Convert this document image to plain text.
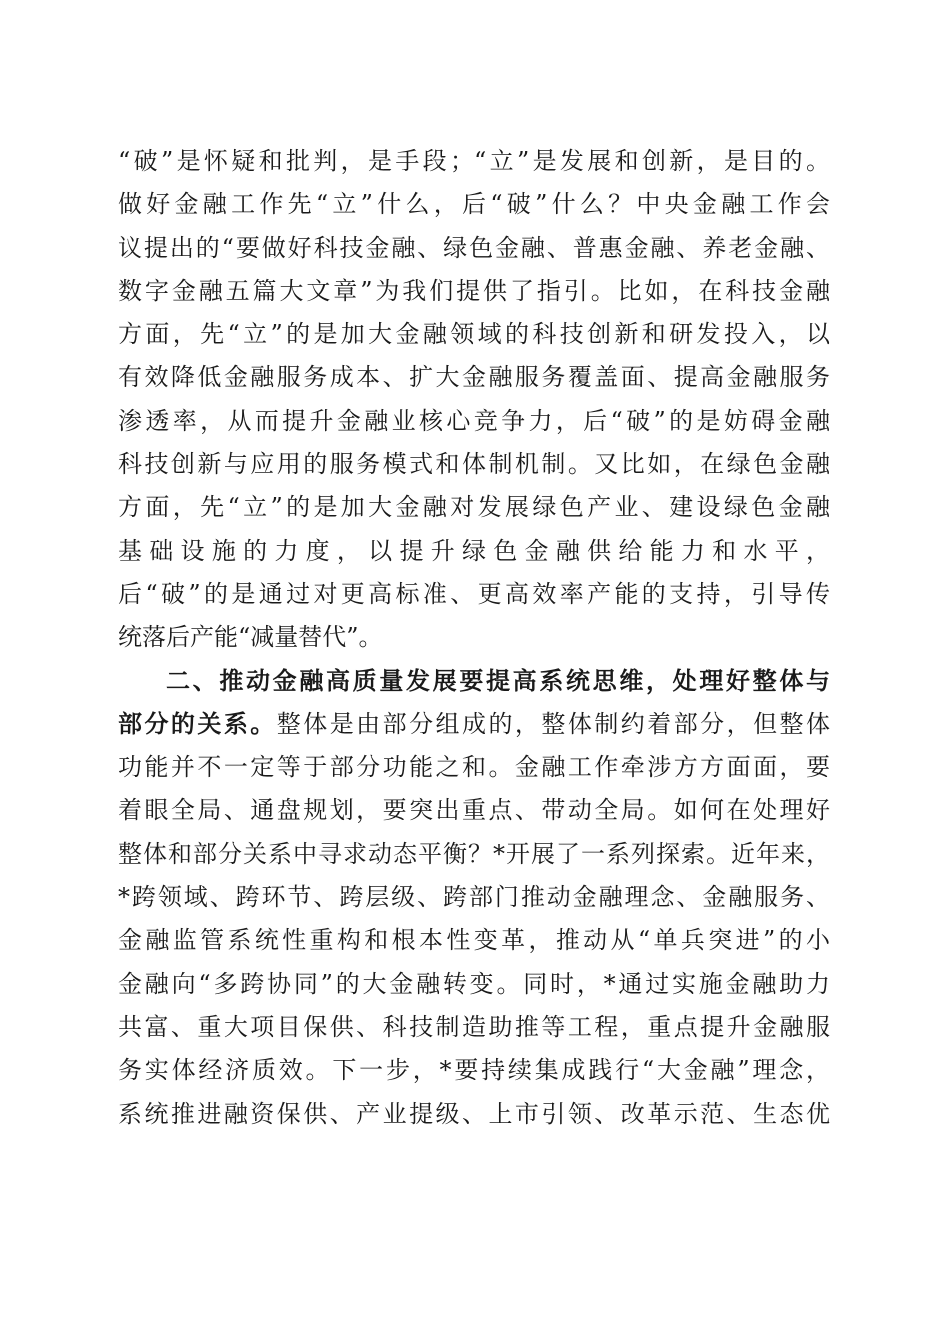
“破”是怀疑和批判，是手段；“立”是发展和创新，是目的。
做好金融工作先“立”什么，后“破”什么？中央金融工作会
议提出的“要做好科技金融、绿色金融、普惠金融、养老金融、
数字金融五篇大文章”为我们提供了指引。比如，在科技金融
方面，先“立”的是加大金融领域的科技创新和研发投入，以
有效降低金融服务成本、扩大金融服务覆盖面、提高金融服务
渗透率，从而提升金融业核心竞争力，后“破”的是妨碍金融
科技创新与应用的服务模式和体制机制。又比如，在绿色金融
方面，先“立”的是加大金融对发展绿色产业、建设绿色金融
基础设施的力度，以提升绿色金融供给能力和水平，
后“破”的是通过对更高标准、更高效率产能的支持，引导传
统落后产能“减量替代”。
二、推动金融高质量发展要提高系统思维，处理好整体与
部分的关系。整体是由部分组成的，整体制约着部分，但整体
功能并不一定等于部分功能之和。金融工作牵涉方方面面，要
着眼全局、通盘规划，要突出重点、带动全局。如何在处理好
整体和部分关系中寻求动态平衡？*开展了一系列探索。近年来，
*跨领域、跨环节、跨层级、跨部门推动金融理念、金融服务、
金融监管系统性重构和根本性变革，推动从“单兵突进”的小
金融向“多跨协同”的大金融转变。同时，*通过实施金融助力
共富、重大项目保供、科技制造助推等工程，重点提升金融服
务实体经济质效。下一步，*要持续集成践行“大金融”理念，
系统推进融资保供、产业提级、上市引领、改革示范、生态优
